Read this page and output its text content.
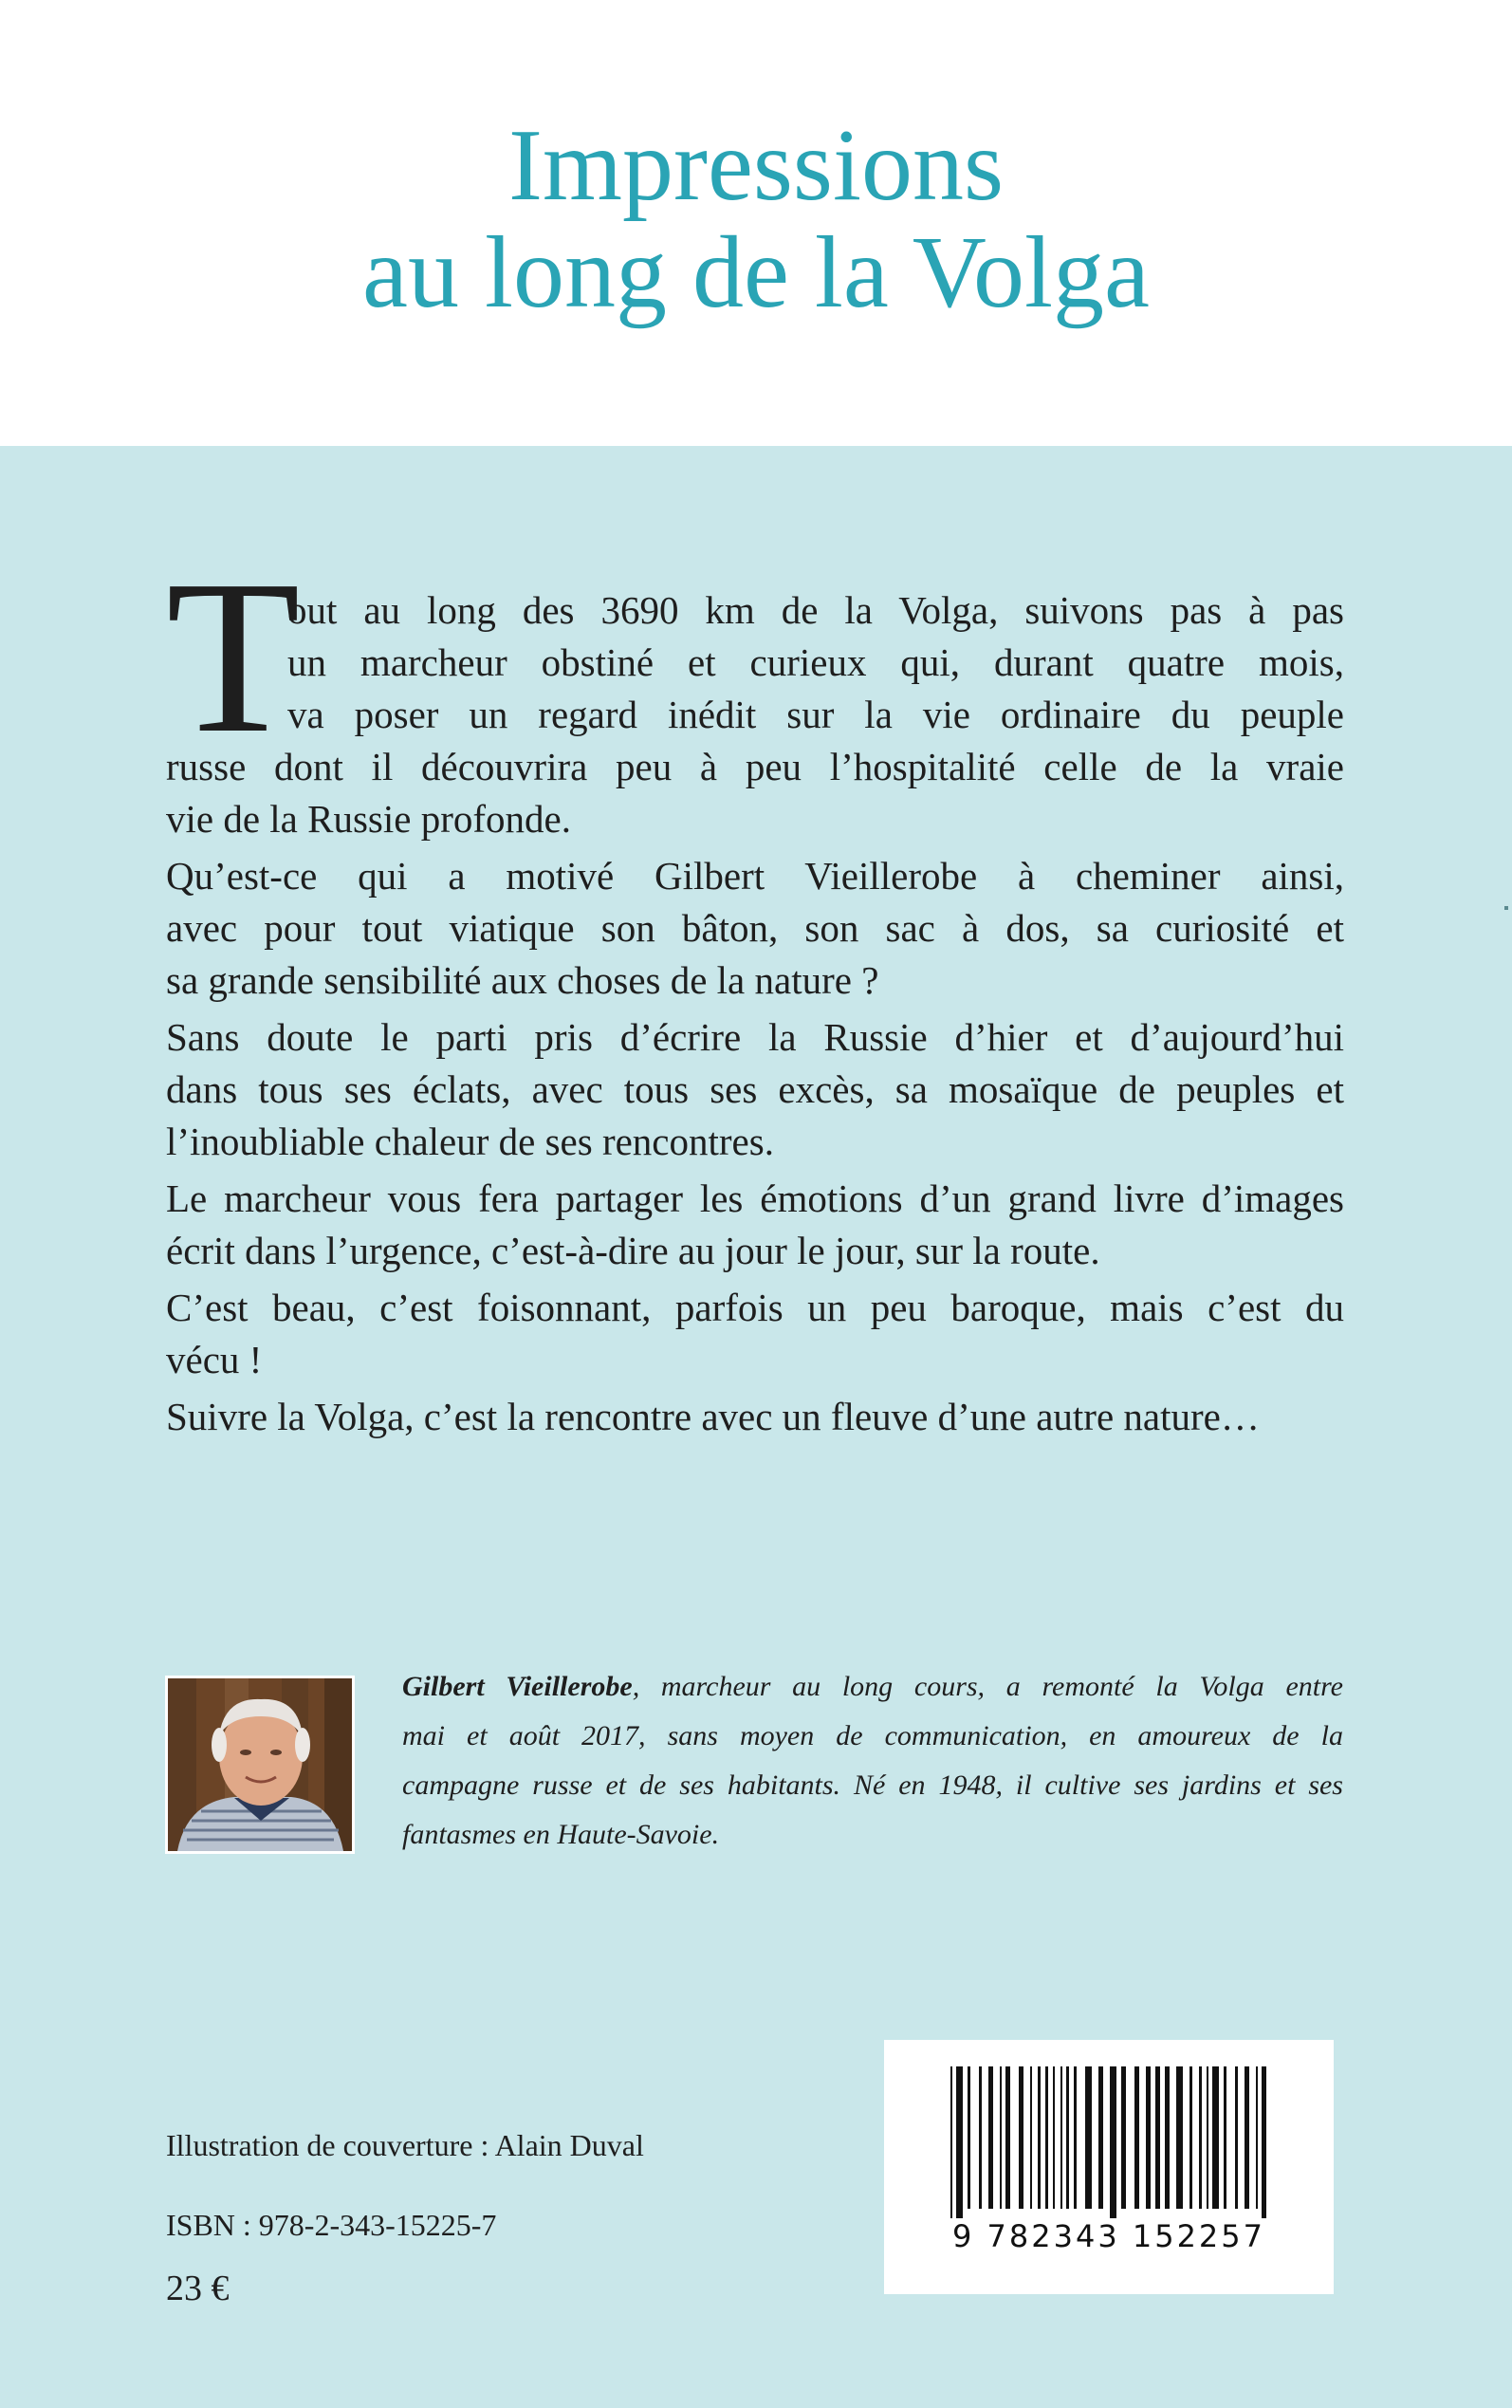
Impressions
au long de la Volga
T
out au long des 3690 km de la Volga, suivons pas à pas
un marcheur obstiné et curieux qui, durant quatre mois,
va poser un regard inédit sur la vie ordinaire du peuple
russe dont il découvrira peu à peu l’hospitalité celle de la vraie
vie de la Russie profonde.
Qu’est-ce qui a motivé Gilbert Vieillerobe à cheminer ainsi,
avec pour tout viatique son bâton, son sac à dos, sa curiosité et
sa grande sensibilité aux choses de la nature ?
Sans doute le parti pris d’écrire la Russie d’hier et d’aujourd’hui
dans tous ses éclats, avec tous ses excès, sa mosaïque de peuples et
l’inoubliable chaleur de ses rencontres.
Le marcheur vous fera partager les émotions d’un grand livre d’images
écrit dans l’urgence, c’est-à-dire au jour le jour, sur la route.
C’est beau, c’est foisonnant, parfois un peu baroque, mais c’est du
vécu !
Suivre la Volga, c’est la rencontre avec un fleuve d’une autre nature…
Gilbert Vieillerobe, marcheur au long cours, a remonté la Volga entre
mai et août 2017, sans moyen de communication, en amoureux de la
campagne russe et de ses habitants. Né en 1948, il cultive ses jardins et ses
fantasmes en Haute-Savoie.
Illustration de couverture : Alain Duval
ISBN : 978-2-343-15225-7
23 €
9 782343 152257
